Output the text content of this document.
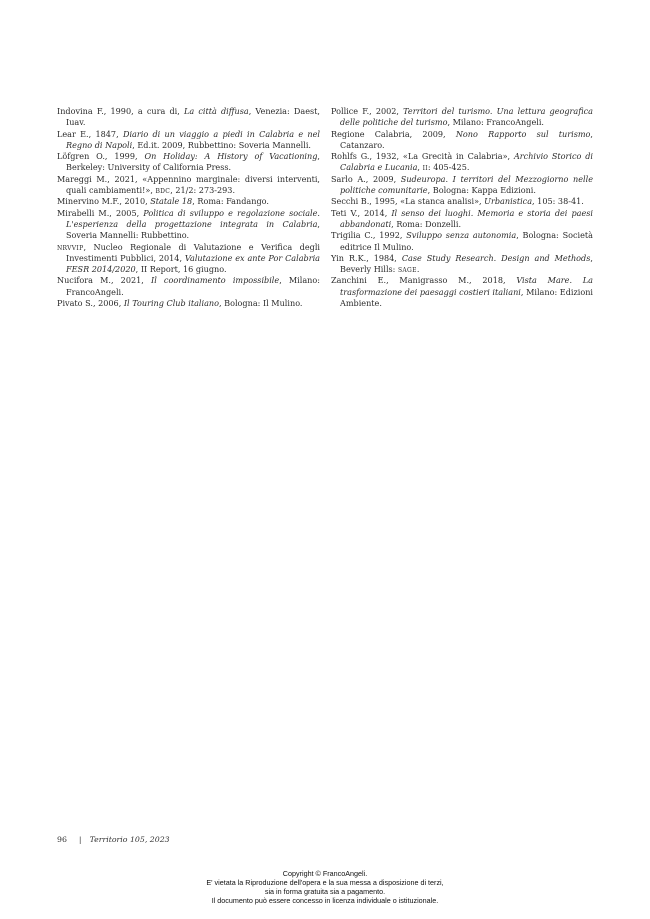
Indovina F., 1990, a cura di, La città diffusa, Venezia: Daest, Iuav.

Lear E., 1847, Diario di un viaggio a piedi in Calabria e nel Regno di Napoli, Ed.it. 2009, Rubbettino: Soveria Mannelli.

Löfgren O., 1999, On Holiday: A History of Vacationing, Berkeley: University of California Press.

Mareggi M., 2021, «Appennino marginale: diversi interventi, quali cambiamenti!», bdc, 21/2: 273-293.

Minervino M.F., 2010, Statale 18, Roma: Fandango.

Mirabelli M., 2005, Politica di sviluppo e regolazione sociale. L'esperienza della progettazione integrata in Calabria, Soveria Mannelli: Rubbettino.

nrvvip, Nucleo Regionale di Valutazione e Verifica degli Investimenti Pubblici, 2014, Valutazione ex ante Por Calabria FESR 2014/2020, II Report, 16 giugno.

Nucifora M., 2021, Il coordinamento impossibile, Milano: FrancoAngeli.

Pivato S., 2006, Il Touring Club italiano, Bologna: Il Mulino.

Pollice F., 2002, Territori del turismo. Una lettura geografica delle politiche del turismo, Milano: FrancoAngeli.

Regione Calabria, 2009, Nono Rapporto sul turismo, Catanzaro.

Rohlfs G., 1932, «La Grecità in Calabria», Archivio Storico di Calabria e Lucania, ii: 405-425.

Sarlo A., 2009, Sudeuropa. I territori del Mezzogiorno nelle politiche comunitarie, Bologna: Kappa Edizioni.

Secchi B., 1995, «La stanca analisi», Urbanistica, 105: 38-41.

Teti V., 2014, Il senso dei luoghi. Memoria e storia dei paesi abbandonati, Roma: Donzelli.

Trigilia C., 1992, Sviluppo senza autonomia, Bologna: Società editrice Il Mulino.

Yin R.K., 1984, Case Study Research. Design and Methods, Beverly Hills: sage.

Zanchini E., Manigrasso M., 2018, Vista Mare. La trasformazione dei paesaggi costieri italiani, Milano: Edizioni Ambiente.

96 | Territorio 105, 2023
Copyright © FrancoAngeli.
E' vietata la Riproduzione dell'opera e la sua messa a disposizione di terzi,
sia in forma gratuita sia a pagamento.
Il documento può essere concesso in licenza individuale o istituzionale.
